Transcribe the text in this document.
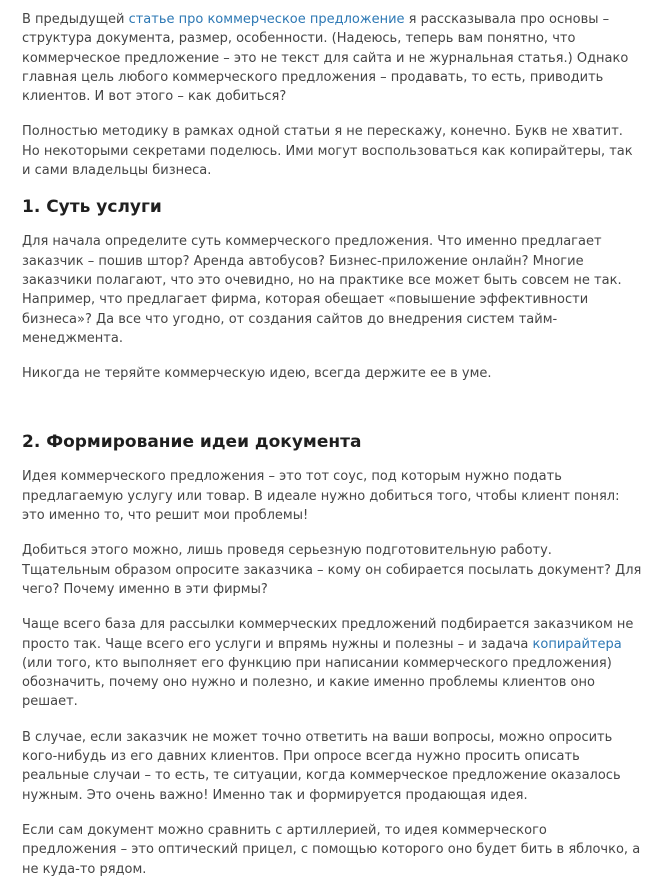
В предыдущей статье про коммерческое предложение я рассказывала про основы – структура документа, размер, особенности. (Надеюсь, теперь вам понятно, что коммерческое предложение – это не текст для сайта и не журнальная статья.) Однако главная цель любого коммерческого предложения – продавать, то есть, приводить клиентов. И вот этого – как добиться?

Полностью методику в рамках одной статьи я не перескажу, конечно. Букв не хватит. Но некоторыми секретами поделюсь. Ими могут воспользоваться как копирайтеры, так и сами владельцы бизнеса.

1. Суть услуги

Для начала определите суть коммерческого предложения. Что именно предлагает заказчик – пошив штор? Аренда автобусов? Бизнес-приложение онлайн? Многие заказчики полагают, что это очевидно, но на практике все может быть совсем не так. Например, что предлагает фирма, которая обещает «повышение эффективности бизнеса»? Да все что угодно, от создания сайтов до внедрения систем тайм-менеджмента.

Никогда не теряйте коммерческую идею, всегда держите ее в уме.

2. Формирование идеи документа

Идея коммерческого предложения – это тот соус, под которым нужно подать предлагаемую услугу или товар. В идеале нужно добиться того, чтобы клиент понял: это именно то, что решит мои проблемы!

Добиться этого можно, лишь проведя серьезную подготовительную работу. Тщательным образом опросите заказчика – кому он собирается посылать документ? Для чего? Почему именно в эти фирмы?

Чаще всего база для рассылки коммерческих предложений подбирается заказчиком не просто так. Чаще всего его услуги и впрямь нужны и полезны – и задача копирайтера (или того, кто выполняет его функцию при написании коммерческого предложения) обозначить, почему оно нужно и полезно, и какие именно проблемы клиентов оно решает.

В случае, если заказчик не может точно ответить на ваши вопросы, можно опросить кого-нибудь из его давних клиентов. При опросе всегда нужно просить описать реальные случаи – то есть, те ситуации, когда коммерческое предложение оказалось нужным. Это очень важно! Именно так и формируется продающая идея.

Если сам документ можно сравнить с артиллерией, то идея коммерческого предложения – это оптический прицел, с помощью которого оно будет бить в яблочко, а не куда-то рядом.
